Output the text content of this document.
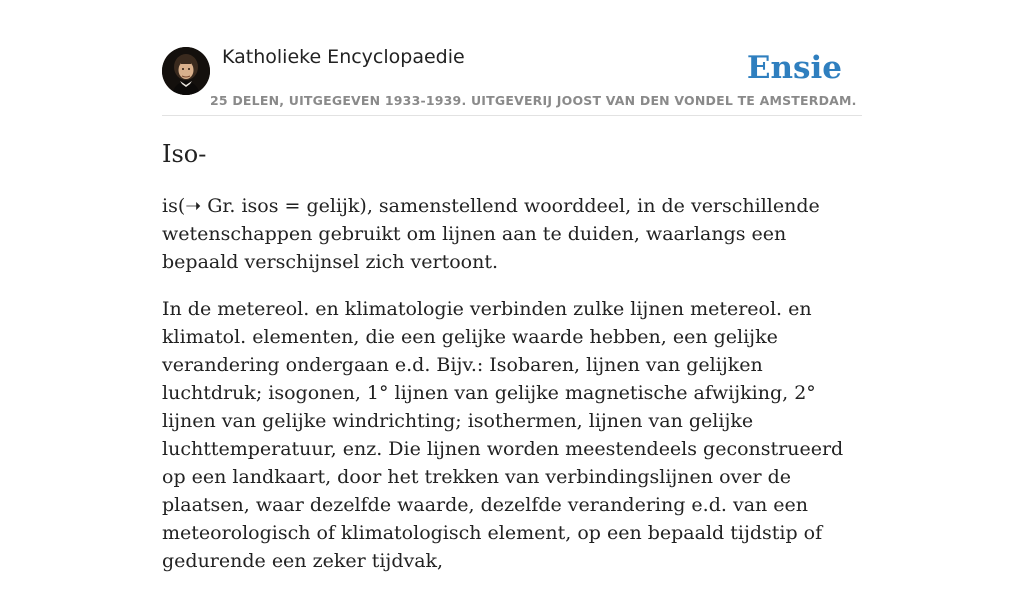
Katholieke Encyclopaedie
25 DELEN, UITGEGEVEN 1933-1939. UITGEVERIJ JOOST VAN DEN VONDEL TE AMSTERDAM.
Ensie
Iso-

is(➝ Gr. isos = gelijk), samenstellend woorddeel, in de verschillende wetenschappen gebruikt om lijnen aan te duiden, waarlangs een bepaald verschijnsel zich vertoont.

In de metereol. en klimatologie verbinden zulke lijnen metereol. en klimatol. elementen, die een gelijke waarde hebben, een gelijke verandering ondergaan e.d. Bijv.: Isobaren, lijnen van gelijken luchtdruk; isogonen, 1° lijnen van gelijke magnetische afwijking, 2° lijnen van gelijke windrichting; isothermen, lijnen van gelijke luchttemperatuur, enz. Die lijnen worden meestendeels geconstrueerd op een landkaart, door het trekken van verbindingslijnen over de plaatsen, waar dezelfde waarde, dezelfde verandering e.d. van een meteorologisch of klimatologisch element, op een bepaald tijdstip of gedurende een zeker tijdvak,
